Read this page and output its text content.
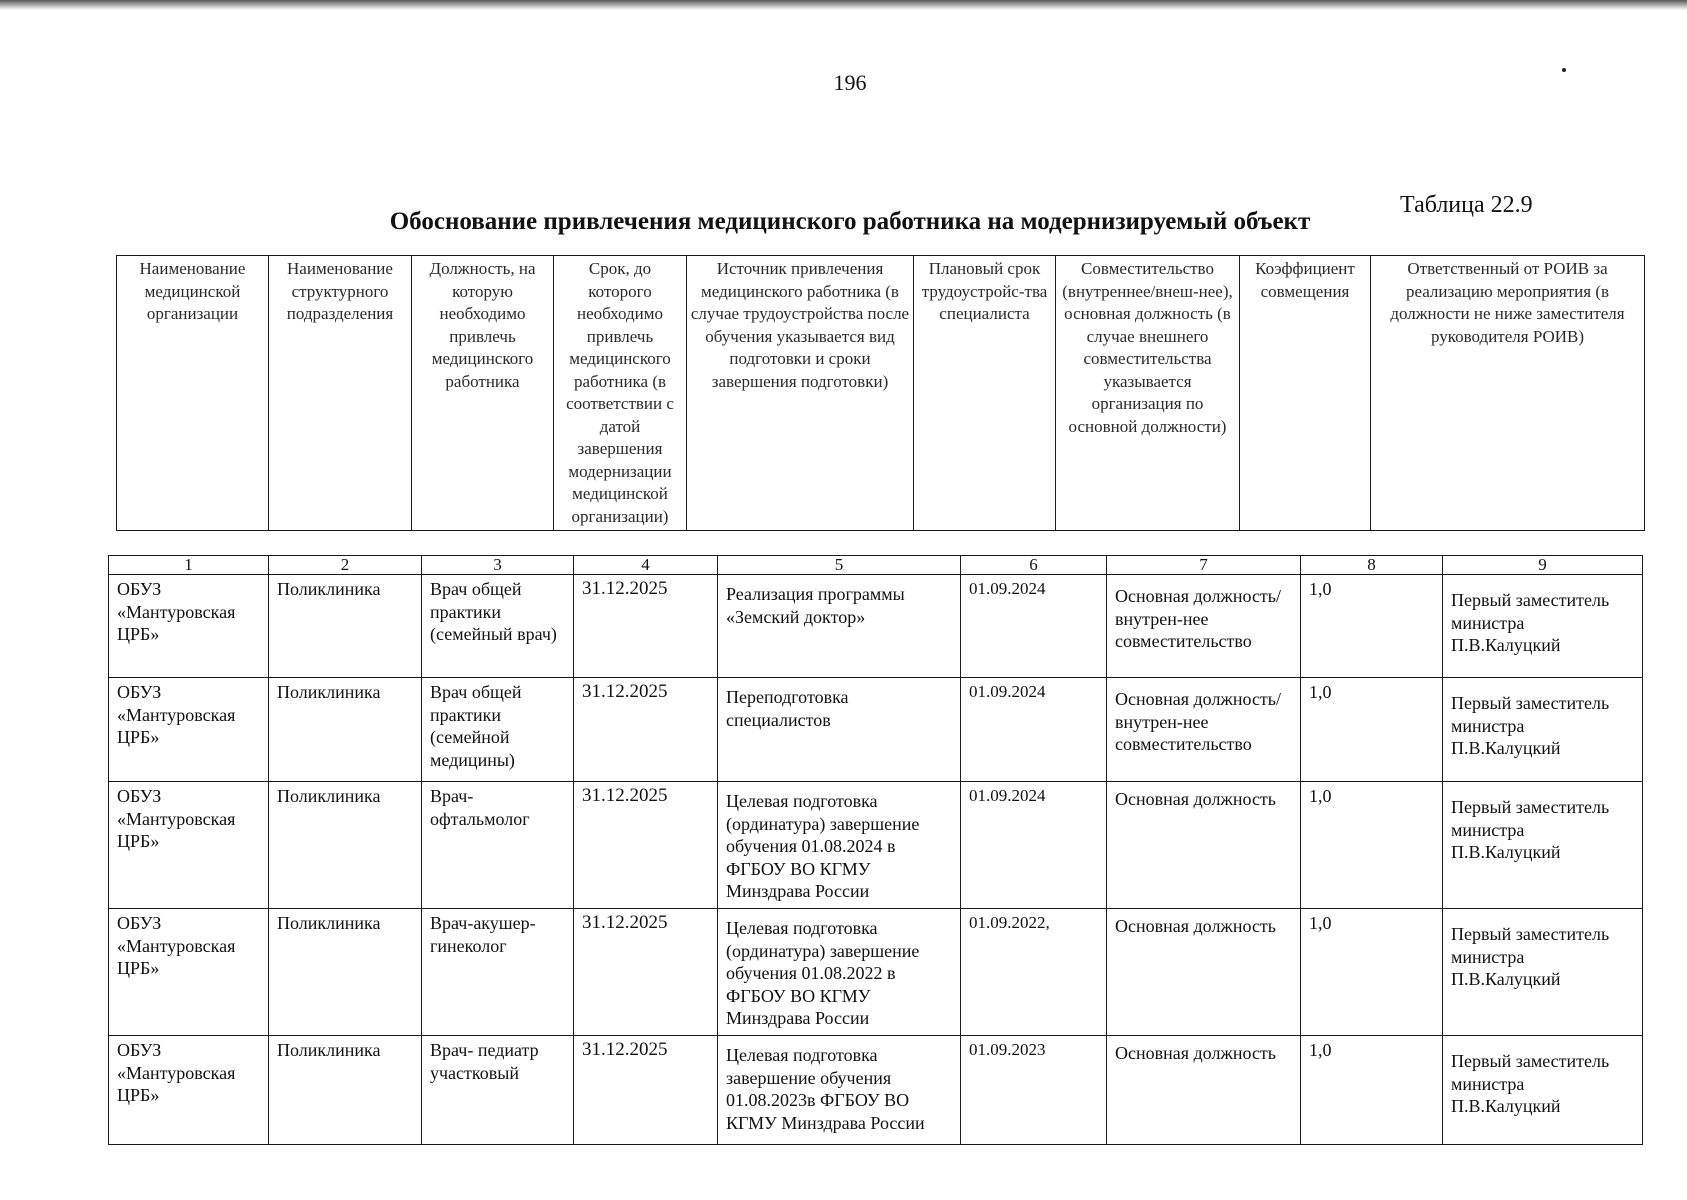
196
Таблица 22.9
Обоснование привлечения медицинского работника на модернизируемый объект
Наименование медицинской организации	Наименование структурного подразделения	Должность, на которую необходимо привлечь медицинского работника	Срок, до которого необходимо привлечь медицинского работника (в соответствии с датой завершения модернизации медицинской организации)	Источник привлечения медицинского работника (в случае трудоустройства после обучения указывается вид подготовки и сроки завершения подготовки)	Плановый срок трудоустройс-тва специалиста	Совместительство (внутреннее/внеш-нее), основная должность (в случае внешнего совместительства указывается организация по основной должности)	Коэффициент совмещения	Ответственный от РОИВ за реализацию мероприятия (в должности не ниже заместителя руководителя РОИВ)
1	2	3	4	5	6	7	8	9
ОБУЗ «Мантуровская ЦРБ»	Поликлиника	Врач общей практики (семейный врач)	31.12.2025	Реализация программы «Земский доктор»	01.09.2024	Основная должность/внутрен-нее совместительство	1,0	Первый заместитель министра П.В.Калуцкий
ОБУЗ «Мантуровская ЦРБ»	Поликлиника	Врач общей практики (семейной медицины)	31.12.2025	Переподготовка специалистов	01.09.2024	Основная должность/внутрен-нее совместительство	1,0	Первый заместитель министра П.В.Калуцкий
ОБУЗ «Мантуровская ЦРБ»	Поликлиника	Врач-офтальмолог	31.12.2025	Целевая подготовка (ординатура) завершение обучения 01.08.2024 в ФГБОУ ВО КГМУ Минздрава России	01.09.2024	Основная должность	1,0	Первый заместитель министра П.В.Калуцкий
ОБУЗ «Мантуровская ЦРБ»	Поликлиника	Врач-акушер-гинеколог	31.12.2025	Целевая подготовка (ординатура) завершение обучения 01.08.2022 в ФГБОУ ВО КГМУ Минздрава России	01.09.2022,	Основная должность	1,0	Первый заместитель министра П.В.Калуцкий
ОБУЗ «Мантуровская ЦРБ»	Поликлиника	Врач- педиатр участковый	31.12.2025	Целевая подготовка завершение обучения 01.08.2023в ФГБОУ ВО КГМУ Минздрава России	01.09.2023	Основная должность	1,0	Первый заместитель министра П.В.Калуцкий
